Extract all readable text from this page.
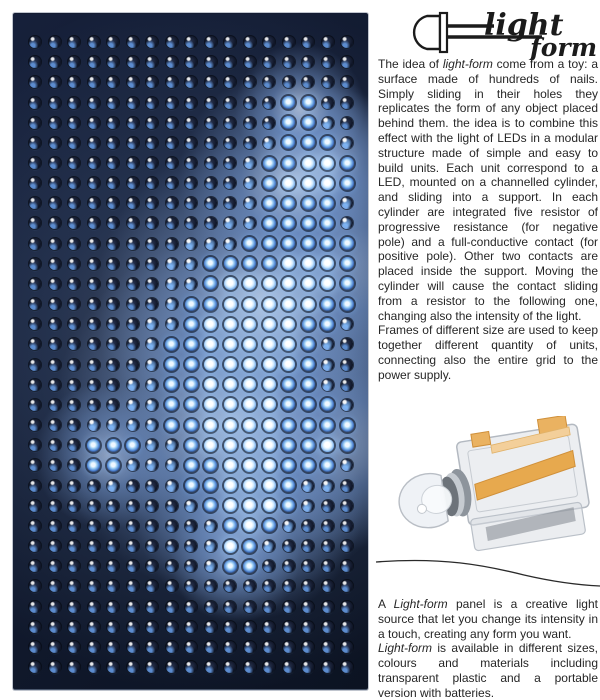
light
form

The idea of light-form come from a toy: a surface made of hundreds of nails. Simply sliding in their holes they replicates the form of any object placed behind them. the idea is to combine this effect with the light of LEDs in a modular structure made of simple and easy to build units. Each unit correspond to a LED, mounted on a channelled cylinder, and sliding into a support. In each cylinder are integrated five resistor of progressive resistance (for negative pole) and a full-conductive contact (for positive pole). Other two contacts are placed inside the support. Moving the cylinder will cause the contact sliding from a resistor to the following one, changing also the intensity of the light.

Frames of different size are used to keep together different quantity of units, connecting also the entire grid to the power supply.

A Light-form panel is a creative light source that let you change its intensity in a touch, creating any form you want.

Light-form is available in different sizes, colours and materials including transparent plastic and a portable version with batteries.
